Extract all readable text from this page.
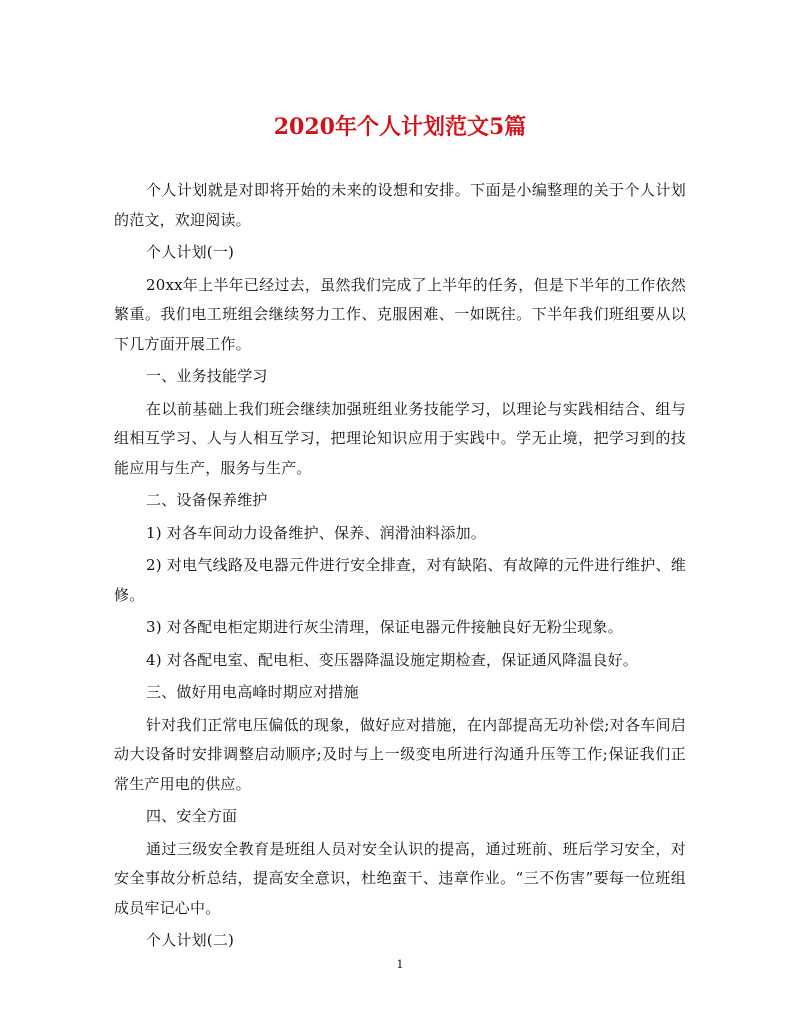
2020年个人计划范文5篇

个人计划就是对即将开始的未来的设想和安排。下面是小编整理的关于个人计划的范文，欢迎阅读。

个人计划(一)

20xx年上半年已经过去，虽然我们完成了上半年的任务，但是下半年的工作依然繁重。我们电工班组会继续努力工作、克服困难、一如既往。下半年我们班组要从以下几方面开展工作。

一、业务技能学习

在以前基础上我们班会继续加强班组业务技能学习，以理论与实践相结合、组与组相互学习、人与人相互学习，把理论知识应用于实践中。学无止境，把学习到的技能应用与生产，服务与生产。

二、设备保养维护

1) 对各车间动力设备维护、保养、润滑油料添加。

2) 对电气线路及电器元件进行安全排查，对有缺陷、有故障的元件进行维护、维修。

3) 对各配电柜定期进行灰尘清理，保证电器元件接触良好无粉尘现象。

4) 对各配电室、配电柜、变压器降温设施定期检查，保证通风降温良好。

三、做好用电高峰时期应对措施

针对我们正常电压偏低的现象，做好应对措施，在内部提高无功补偿;对各车间启动大设备时安排调整启动顺序;及时与上一级变电所进行沟通升压等工作;保证我们正常生产用电的供应。

四、安全方面

通过三级安全教育是班组人员对安全认识的提高，通过班前、班后学习安全，对安全事故分析总结，提高安全意识，杜绝蛮干、违章作业。“三不伤害”要每一位班组成员牢记心中。

个人计划(二)

1
